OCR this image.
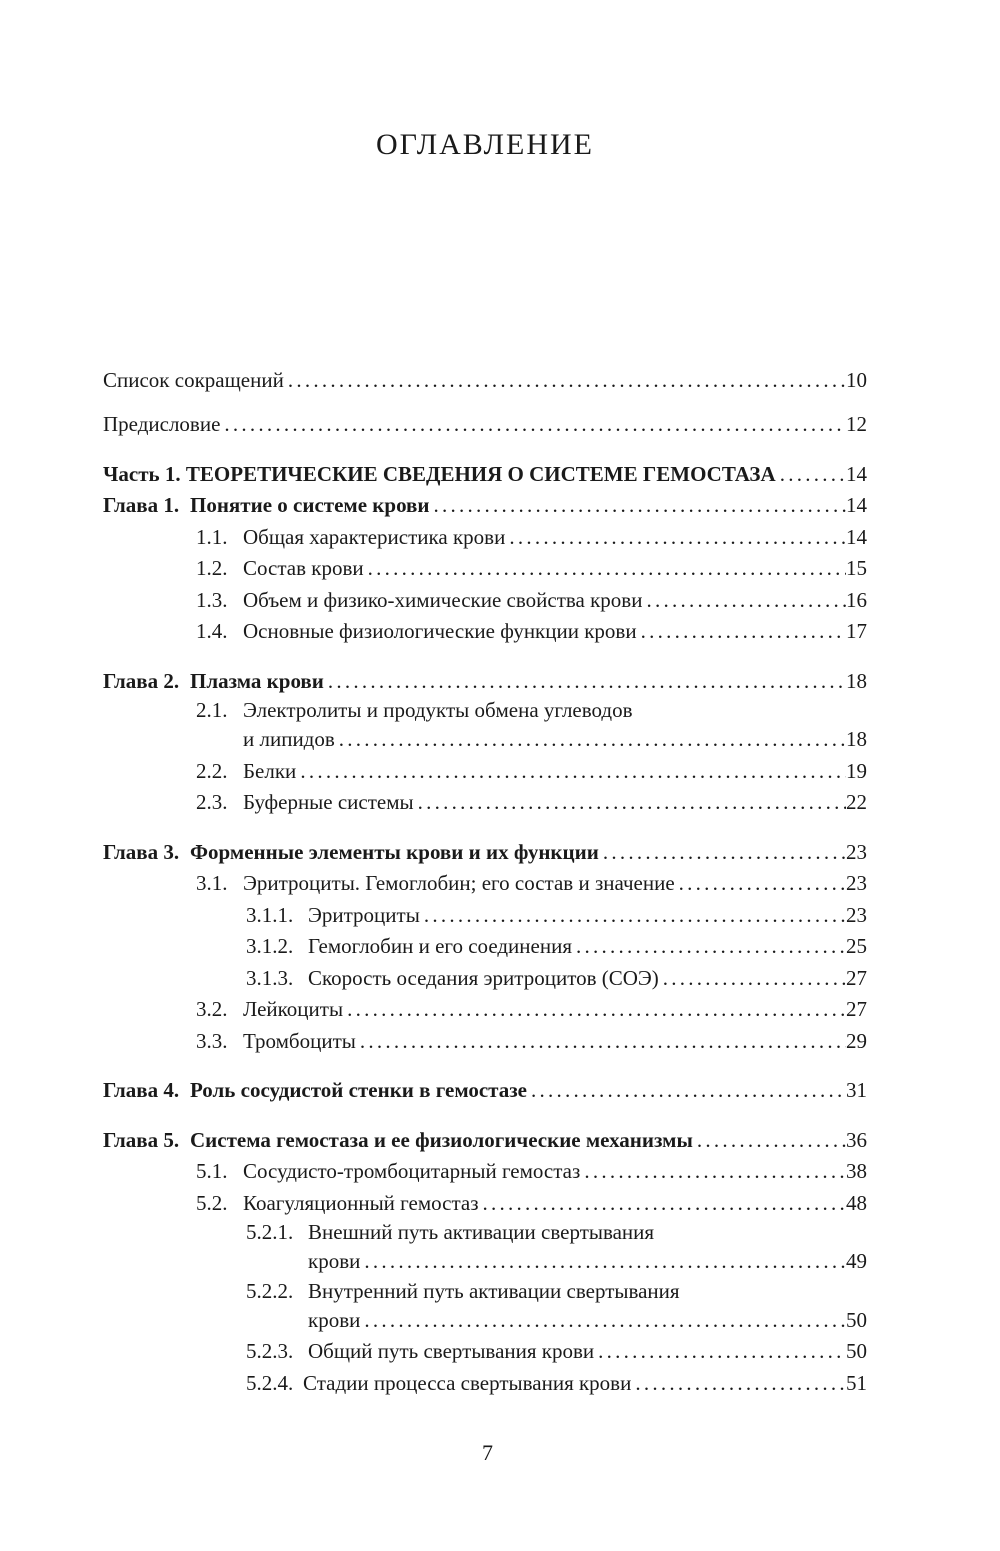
ОГЛАВЛЕНИЕ
Список сокращений . . .	10
Предисловие . . .	12
Часть 1. ТЕОРЕТИЧЕСКИЕ СВЕДЕНИЯ О СИСТЕМЕ ГЕМОСТАЗА . . .	14
Глава 1. Понятие о системе крови . . .	14
1.1. Общая характеристика крови . . .	14
1.2. Состав крови . . .	15
1.3. Объем и физико-химические свойства крови . . .	16
1.4. Основные физиологические функции крови . . .	17
Глава 2. Плазма крови . . .	18
2.1. Электролиты и продукты обмена углеводов
и липидов . . .	18
2.2. Белки . . .	19
2.3. Буферные системы . . .	22
Глава 3. Форменные элементы крови и их функции . . .	23
3.1. Эритроциты. Гемоглобин; его состав и значение . . .	23
3.1.1. Эритроциты . . .	23
3.1.2. Гемоглобин и его соединения . . .	25
3.1.3. Скорость оседания эритроцитов (СОЭ) . . .	27
3.2. Лейкоциты . . .	27
3.3. Тромбоциты . . .	29
Глава 4. Роль сосудистой стенки в гемостазе . . .	31
Глава 5. Система гемостаза и ее физиологические механизмы . . .	36
5.1. Сосудисто-тромбоцитарный гемостаз . . .	38
5.2. Коагуляционный гемостаз . . .	48
5.2.1. Внешний путь активации свертывания
крови . . .	49
5.2.2. Внутренний путь активации свертывания
крови . . .	50
5.2.3. Общий путь свертывания крови . . .	50
5.2.4. Стадии процесса свертывания крови . . .	51
7
